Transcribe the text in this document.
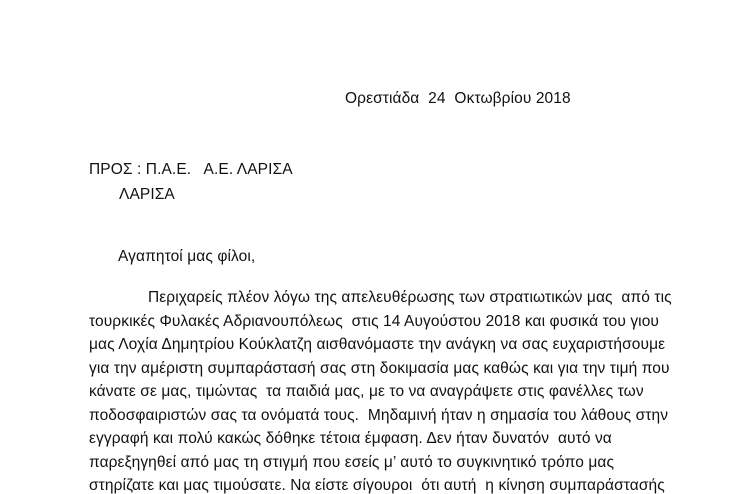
Ορεστιάδα  24  Οκτωβρίου 2018
ΠΡΟΣ : Π.Α.Ε.   Α.Ε. ΛΑΡΙΣΑ
ΛΑΡΙΣΑ
Αγαπητοί μας φίλοι,
Περιχαρείς πλέον λόγω της απελευθέρωσης των στρατιωτικών μας  από τις
τουρκικές Φυλακές Αδριανουπόλεως  στις 14 Αυγούστου 2018 και φυσικά του γιου
μας Λοχία Δημητρίου Κούκλατζη αισθανόμαστε την ανάγκη να σας ευχαριστήσουμε
για την αμέριστη συμπαράστασή σας στη δοκιμασία μας καθώς και για την τιμή που
κάνατε σε μας, τιμώντας  τα παιδιά μας, με το να αναγράψετε στις φανέλλες των
ποδοσφαιριστών σας τα ονόματά τους.  Μηδαμινή ήταν η σημασία του λάθους στην
εγγραφή και πολύ κακώς δόθηκε τέτοια έμφαση. Δεν ήταν δυνατόν  αυτό να
παρεξηγηθεί από μας τη στιγμή που εσείς μ’ αυτό το συγκινητικό τρόπο μας
στηρίζατε και μας τιμούσατε. Να είστε σίγουροι  ότι αυτή  η κίνηση συμπαράστασής
